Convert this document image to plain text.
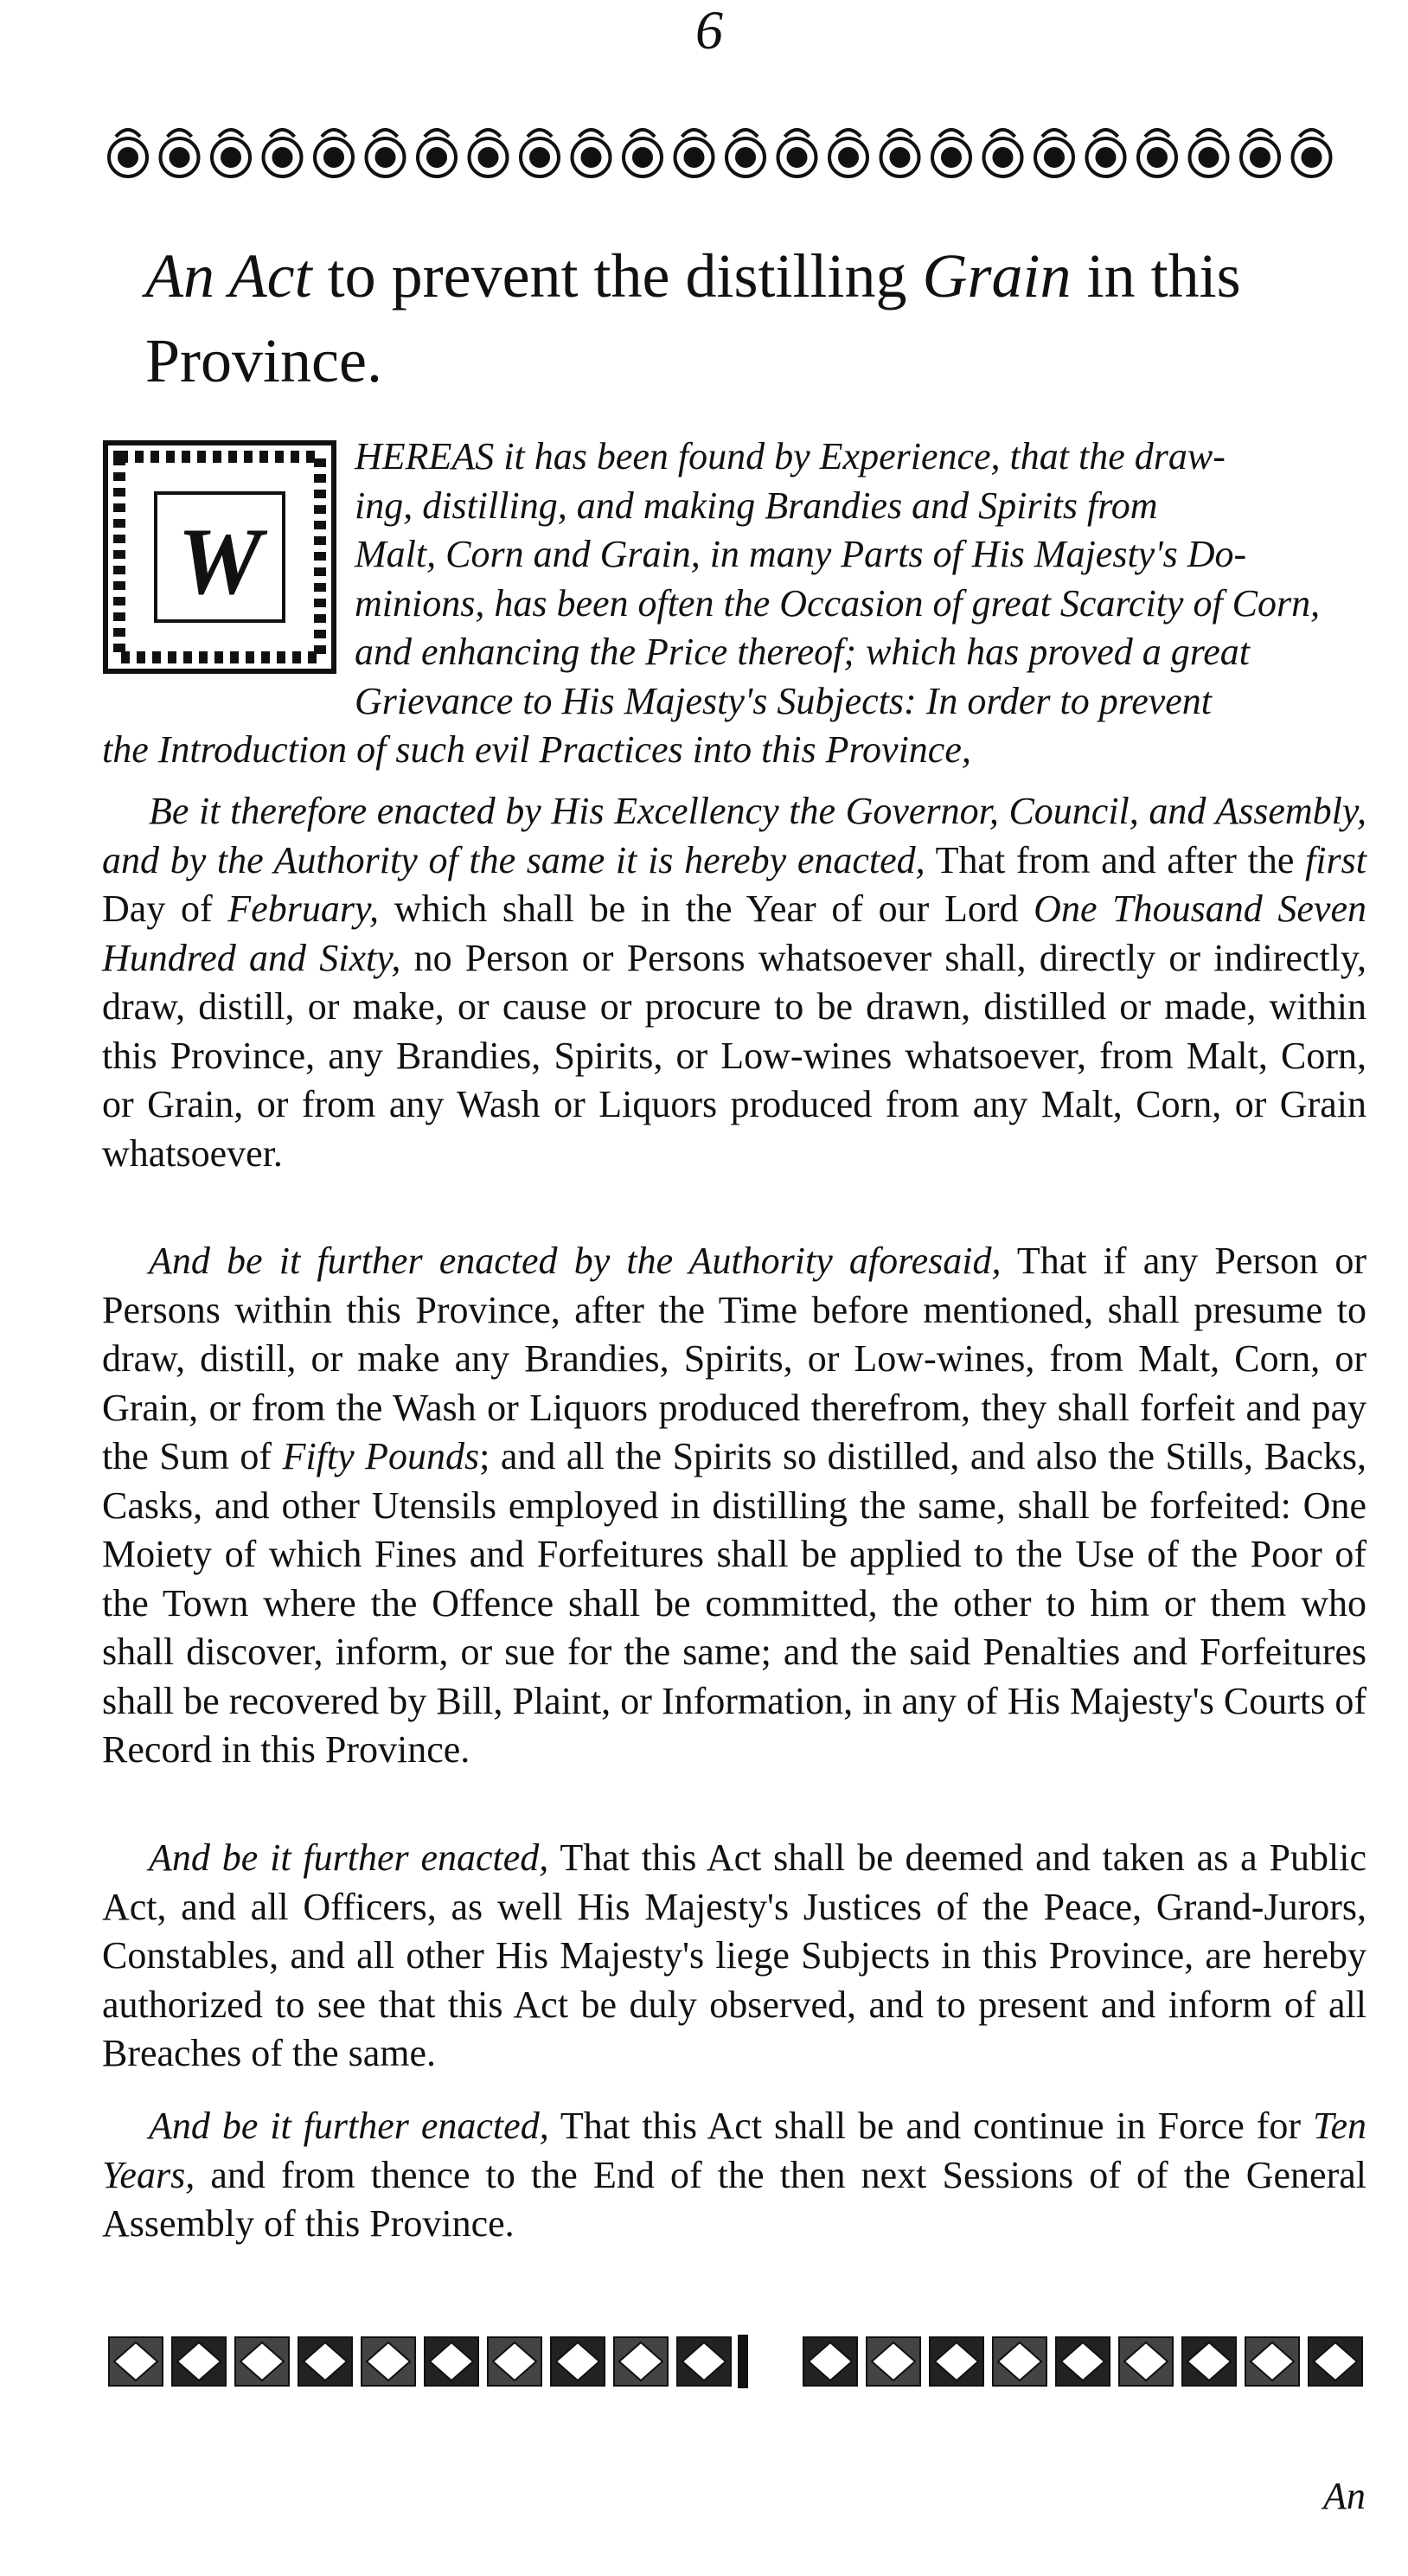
6
An Act to prevent the distilling Grain in this Province.
W
HEREAS it has been found by Experience, that the draw-
ing, distilling, and making Brandies and Spirits from
Malt, Corn and Grain, in many Parts of His Majesty's Do-
minions, has been often the Occasion of great Scarcity of Corn,
and enhancing the Price thereof; which has proved a great
Grievance to His Majesty's Subjects: In order to prevent
the Introduction of such evil Practices into this Province,

Be it therefore enacted by His Excellency the Governor, Council, and Assembly, and by the Authority of the same it is hereby enacted, That from and after the first Day of February, which shall be in the Year of our Lord One Thousand Seven Hundred and Sixty, no Person or Persons whatsoever shall, directly or indirectly, draw, distill, or make, or cause or procure to be drawn, distilled or made, within this Province, any Brandies, Spirits, or Low-wines whatsoever, from Malt, Corn, or Grain, or from any Wash or Liquors produced from any Malt, Corn, or Grain whatsoever.

And be it further enacted by the Authority aforesaid, That if any Person or Persons within this Province, after the Time before mentioned, shall presume to draw, distill, or make any Brandies, Spirits, or Low-wines, from Malt, Corn, or Grain, or from the Wash or Liquors produced therefrom, they shall forfeit and pay the Sum of Fifty Pounds; and all the Spirits so distilled, and also the Stills, Backs, Casks, and other Utensils employed in distilling the same, shall be forfeited: One Moiety of which Fines and Forfeitures shall be applied to the Use of the Poor of the Town where the Offence shall be committed, the other to him or them who shall discover, inform, or sue for the same; and the said Penalties and Forfeitures shall be recovered by Bill, Plaint, or Information, in any of His Majesty's Courts of Record in this Province.

And be it further enacted, That this Act shall be deemed and taken as a Public Act, and all Officers, as well His Majesty's Justices of the Peace, Grand-Jurors, Constables, and all other His Majesty's liege Subjects in this Province, are hereby authorized to see that this Act be duly observed, and to present and inform of all Breaches of the same.

And be it further enacted, That this Act shall be and continue in Force for Ten Years, and from thence to the End of the then next Sessions of of the General Assembly of this Province.

An
